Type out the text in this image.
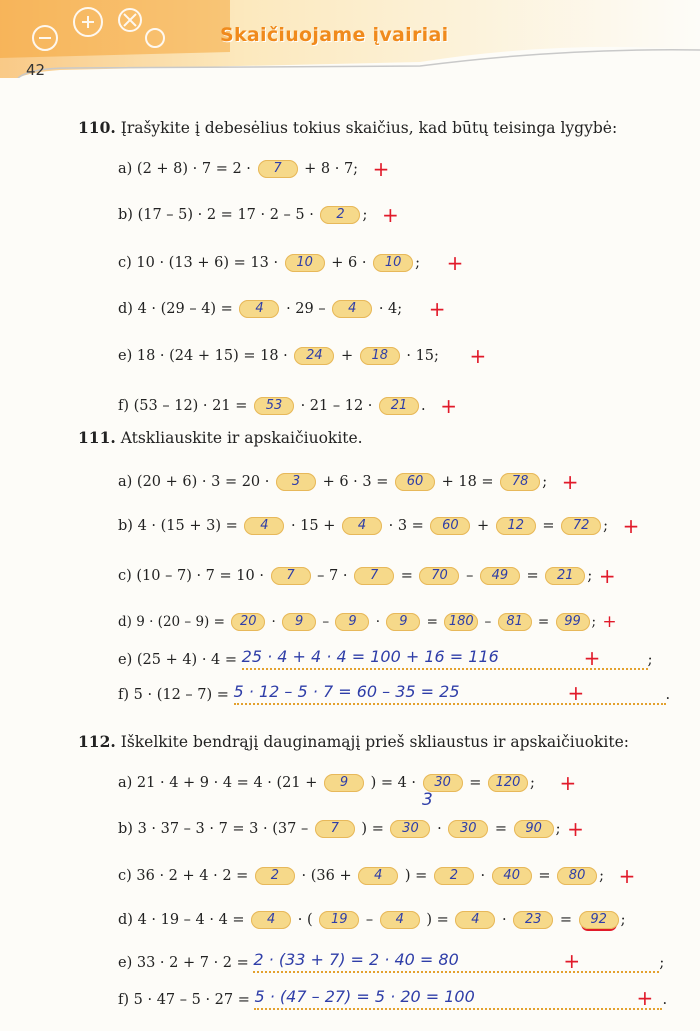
Skaičiuojame įvairiai
42
110. Įrašykite į debesėlius tokius skaičius, kad būtų teisinga lygybė:
a) (2 + 8) · 7 = 2 · 7 + 8 · 7; +
b) (17 – 5) · 2 = 17 · 2 – 5 · 2 ; +
c) 10 · (13 + 6) = 13 · 10 + 6 · 10 ; +
d) 4 · (29 – 4) = 4 · 29 – 4 · 4; +
e) 18 · (24 + 15) = 18 · 24 + 18 · 15; +
f) (53 – 12) · 21 = 53 · 21 – 12 · 21 . +
111. Atskliauskite ir apskaičiuokite.
a) (20 + 6) · 3 = 20 · 3 + 6 · 3 = 60 + 18 = 78 ; +
b) 4 · (15 + 3) = 4 · 15 + 4 · 3 = 60 + 12 = 72 ; +
c) (10 – 7) · 7 = 10 · 7 – 7 · 7 = 70 – 49 = 21 ; +
d) 9 · (20 – 9) = 20 · 9 – 9 · 9 = 180 – 81 = 99 ; +
e) (25 + 4) · 4 = 25 · 4 + 4 · 4 = 100 + 16 = 116	+	;
f) 5 · (12 – 7) = 5 · 12 – 5 · 7 = 60 – 35 = 25	+	.
112. Iškelkite bendrąjį dauginamąjį prieš skliaustus ir apskaičiuokite:
a) 21 · 4 + 9 · 4 = 4 · (21 + 9 ) = 4 · 30 = 120 ; +
3
b) 3 · 37 – 3 · 7 = 3 · (37 – 7 ) = 30 · 30 = 90 ; +
c) 36 · 2 + 4 · 2 = 2 · (36 + 4 ) = 2 · 40 = 80 ; +
d) 4 · 19 – 4 · 4 = 4 · ( 19 – 4 ) = 4 · 23 = 92 ;
e) 33 · 2 + 7 · 2 = 2 · (33 + 7) = 2 · 40 = 80	+	;
f) 5 · 47 – 5 · 27 = 5 · (47 – 27) = 5 · 20 = 100	+ .
